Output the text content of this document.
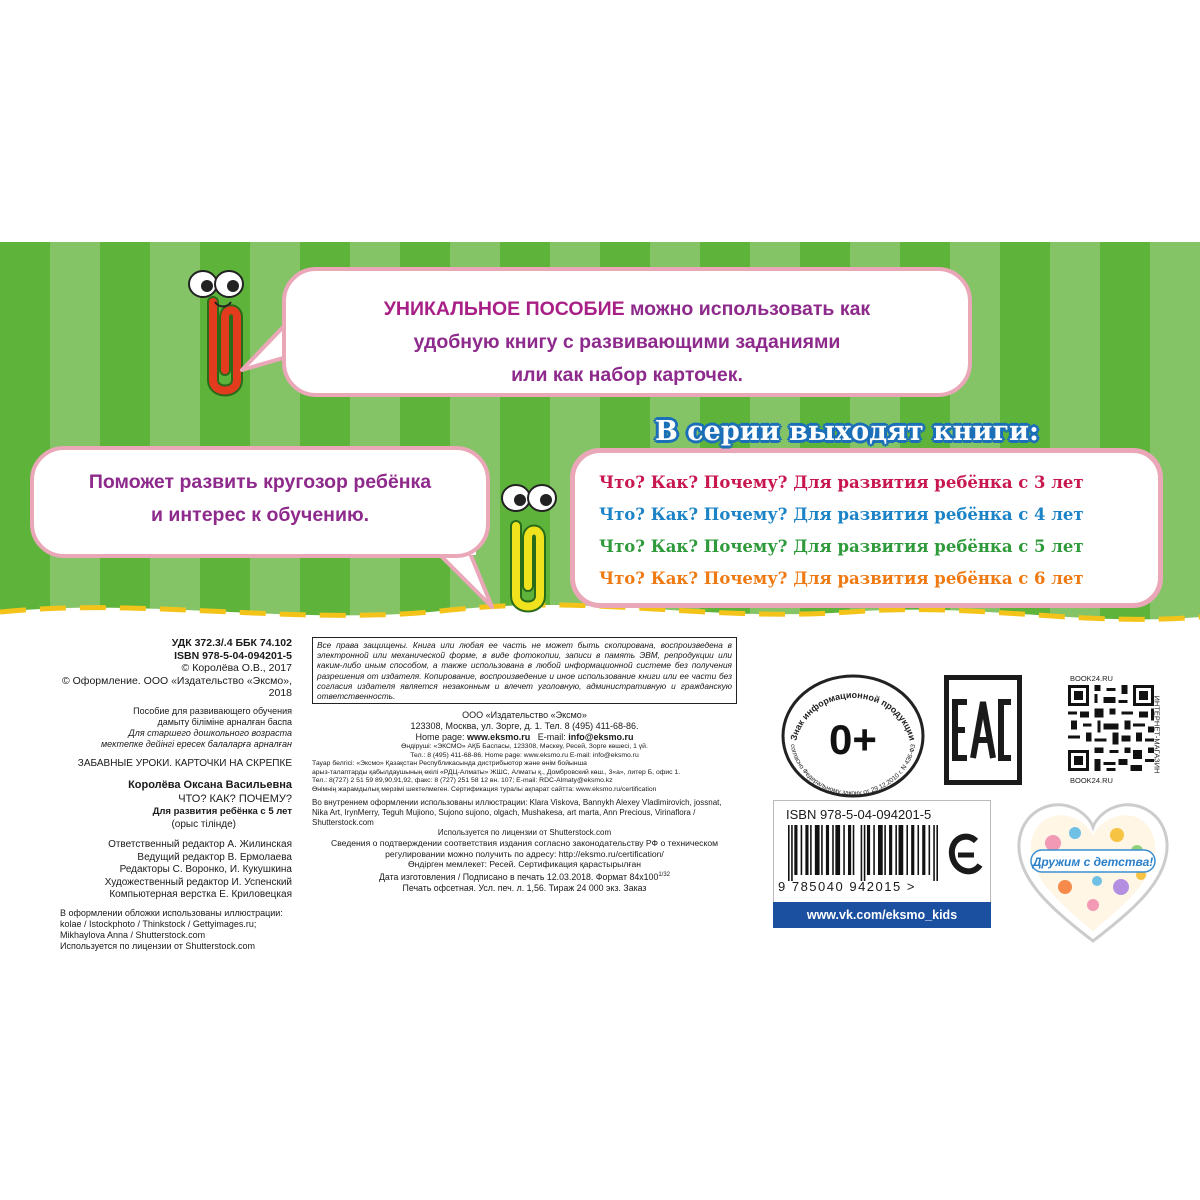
УНИКАЛЬНОЕ ПОСОБИЕ можно использовать как
удобную книгу с развивающими заданиями
или как набор карточек.
Поможет развить кругозор ребёнка
и интерес к обучению.
Что? Как? Почему? Для развития ребёнка с 3 лет
Что? Как? Почему? Для развития ребёнка с 4 лет
Что? Как? Почему? Для развития ребёнка с 5 лет
Что? Как? Почему? Для развития ребёнка с 6 лет
В серии выходят книги:
УДК 372.3/.4 ББК 74.102
ISBN 978-5-04-094201-5
© Королёва О.В., 2017
© Оформление. ООО «Издательство «Эксмо», 2018
Пособие для развивающего обучения
дамыту біліміне арналған баспа
Для старшего дошкольного возраста
мектепке дейінгі ересек балаларға арналған
ЗАБАВНЫЕ УРОКИ. КАРТОЧКИ НА СКРЕПКЕ
Королёва Оксана Васильевна
ЧТО? КАК? ПОЧЕМУ?
Для развития ребёнка с 5 лет
(орыс тілінде)
Ответственный редактор А. Жилинская
Ведущий редактор В. Ермолаева
Редакторы С. Воронко, И. Кукушкина
Художественный редактор И. Успенский
Компьютерная верстка Е. Криловецкая
В оформлении обложки использованы иллюстрации:
kolae / Istockphoto / Thinkstock / Gettyimages.ru;
Mikhaylova Anna / Shutterstock.com
Используется по лицензии от Shutterstock.com
Все права защищены. Книга или любая ее часть не может быть скопирована, воспроизведена в электронной или механической форме, в виде фотокопии, записи в память ЭВМ, репродукции или каким-либо иным способом, а также использована в любой информационной системе без получения разрешения от издателя. Копирование, воспроизведение и иное использование книги или ее части без согласия издателя является незаконным и влечет уголовную, административную и гражданскую ответственность.
ООО «Издательство «Эксмо»
123308, Москва, ул. Зорге, д. 1. Тел. 8 (495) 411-68-86.
Home page: www.eksmo.ru   E-mail: info@eksmo.ru
Өндіруші: «ЭКСМО» АҚБ Баспасы, 123308, Мәскеу, Ресей, Зорге көшесі, 1 үй.
Тел.: 8 (495) 411-68-86. Home page: www.eksmo.ru E-mail: info@eksmo.ru
Тауар белгісі: «Эксмо» Қазақстан Республикасында дистрибьютор және өнім бойынша
арыз-талаптарды қабылдаушының өкілі «РДЦ-Алматы» ЖШС, Алматы қ., Домбровский көш., 3«а», литер Б, офис 1.
Тел.: 8(727) 2 51 59 89,90,91,92, факс: 8 (727) 251 58 12 вн. 107; E-mail: RDC-Almaty@eksmo.kz
Өнімнің жарамдылық мерзімі шектелмеген. Сертификация туралы ақпарат сайтта: www.eksmo.ru/certification
Во внутреннем оформлении использованы иллюстрации: Klara Viskova, Bannykh Alexey Vladimirovich, jossnat, Nika Art, IrynMerry, Teguh Mujiono, Sujono sujono, olgach, Mushakesa, art marta, Ann Precious, Virinaflora / Shutterstock.com
Используется по лицензии от Shutterstock.com
Сведения о подтверждении соответствия издания согласно законодательству РФ о техническом
регулировании можно получить по адресу: http://eksmo.ru/certification/
Өндірген мемлекет: Ресей. Сертификация қарастырылған
Дата изготовления / Подписано в печать 12.03.2018. Формат $84x100^{1/32}$
Печать офсетная. Усл. печ. л. 1,56. Тираж 24 000 экз. Заказ
Знак информационной продукции
согласно Федеральному закону от 29.12.2010 г. N 436-ФЗ
0+
BOOK24.RU
BOOK24.RU
ИНТЕРНЕТ-МАГАЗИН
ISBN 978-5-04-094201-5
9 785040 942015 >
www.vk.com/eksmo_kids
Дружим с детства!
